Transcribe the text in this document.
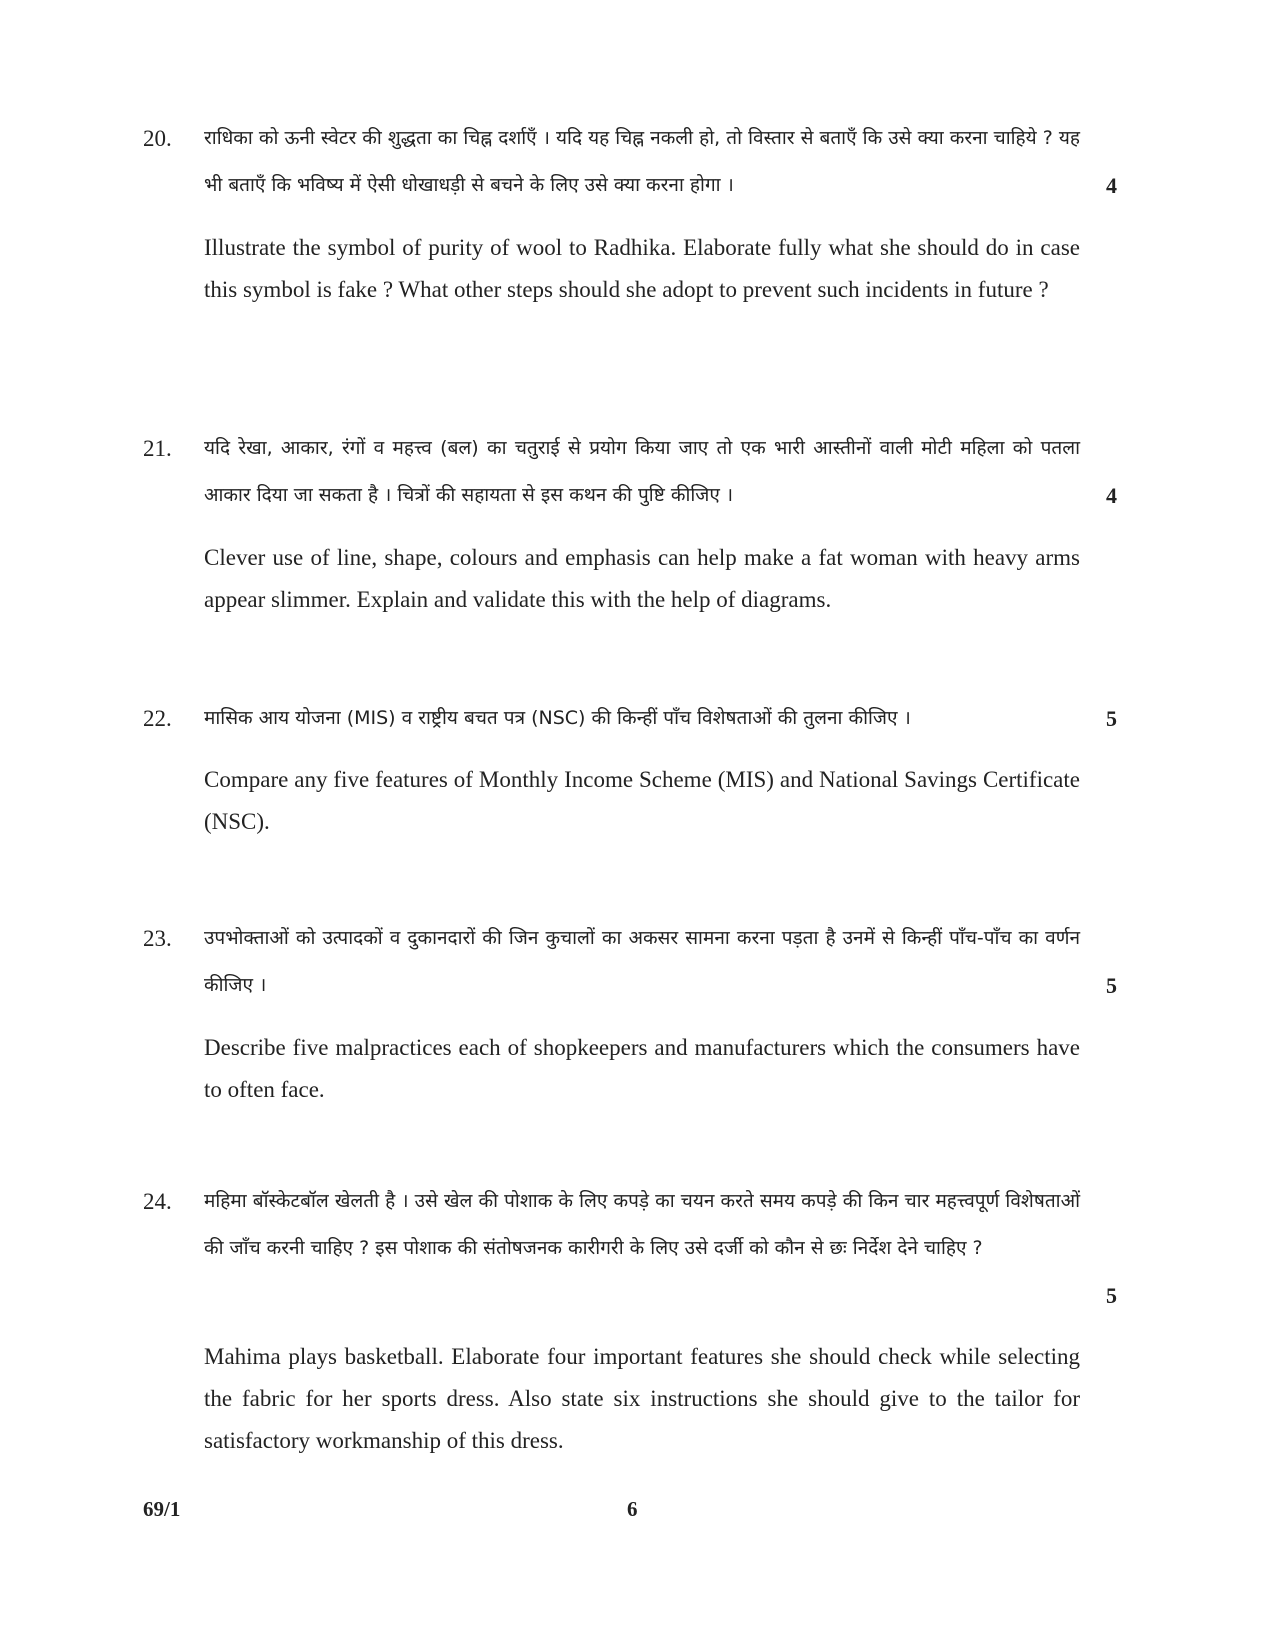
20. राधिका को ऊनी स्वेटर की शुद्धता का चिह्न दर्शाएँ । यदि यह चिह्न नकली हो, तो विस्तार से बताएँ कि उसे क्या करना चाहिये ? यह भी बताएँ कि भविष्य में ऐसी धोखाधड़ी से बचने के लिए उसे क्या करना होगा ।	4

Illustrate the symbol of purity of wool to Radhika. Elaborate fully what she should do in case this symbol is fake ? What other steps should she adopt to prevent such incidents in future ?

21. यदि रेखा, आकार, रंगों व महत्त्व (बल) का चतुराई से प्रयोग किया जाए तो एक भारी आस्तीनों वाली मोटी महिला को पतला आकार दिया जा सकता है । चित्रों की सहायता से इस कथन की पुष्टि कीजिए ।	4

Clever use of line, shape, colours and emphasis can help make a fat woman with heavy arms appear slimmer. Explain and validate this with the help of diagrams.

22. मासिक आय योजना (MIS) व राष्ट्रीय बचत पत्र (NSC) की किन्हीं पाँच विशेषताओं की तुलना कीजिए ।	5

Compare any five features of Monthly Income Scheme (MIS) and National Savings Certificate (NSC).

23. उपभोक्ताओं को उत्पादकों व दुकानदारों की जिन कुचालों का अकसर सामना करना पड़ता है उनमें से किन्हीं पाँच-पाँच का वर्णन कीजिए ।	5

Describe five malpractices each of shopkeepers and manufacturers which the consumers have to often face.

24. महिमा बॉस्केटबॉल खेलती है । उसे खेल की पोशाक के लिए कपड़े का चयन करते समय कपड़े की किन चार महत्त्वपूर्ण विशेषताओं की जाँच करनी चाहिए ? इस पोशाक की संतोषजनक कारीगरी के लिए उसे दर्जी को कौन से छः निर्देश देने चाहिए ?

5

Mahima plays basketball. Elaborate four important features she should check while selecting the fabric for her sports dress. Also state six instructions she should give to the tailor for satisfactory workmanship of this dress.

69/1	6
